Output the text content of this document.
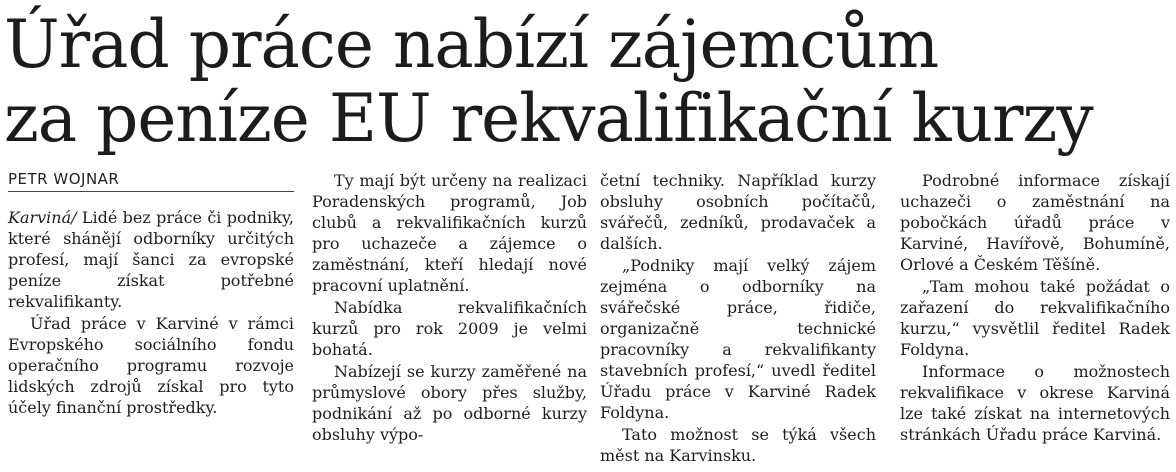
Úřad práce nabízí zájemcům
za peníze EU rekvalifikační kurzy
PETR WOJNAR

Karviná/ Lidé bez práce či podniky, které shánějí odborníky určitých profesí, mají šanci za evropské peníze získat potřebné rekvalifikanty.

Úřad práce v Karviné v rámci Evropského sociálního fondu operačního programu rozvoje lidských zdrojů získal pro tyto účely finanční prostředky.

Ty mají být určeny na realizaci Poradenských programů, Job clubů a rekvalifikačních kurzů pro uchazeče a zájemce o zaměstnání, kteří hledají nové pracovní uplatnění.

Nabídka rekvalifikačních kurzů pro rok 2009 je velmi bohatá.

Nabízejí se kurzy zaměřené na průmyslové obory přes služby, podnikání až po odborné kurzy obsluhy výpo-

četní techniky. Například kurzy obsluhy osobních počítačů, svářečů, zedníků, prodavaček a dalších.

„Podniky mají velký zájem zejména o odborníky na svářečské práce, řidiče, organizačně technické pracovníky a rekvalifikanty stavebních profesí,“ uvedl ředitel Úřadu práce v Karviné Radek Foldyna.

Tato možnost se týká všech měst na Karvinsku.

Podrobné informace získají uchazeči o zaměstnání na pobočkách úřadů práce v Karviné, Havířově, Bohumíně, Orlové a Českém Těšíně.

„Tam mohou také požádat o zařazení do rekvalifikačního kurzu,“ vysvětlil ředitel Radek Foldyna.

Informace o možnostech rekvalifikace v okrese Karviná lze také získat na internetových stránkách Úřadu práce Karviná.
